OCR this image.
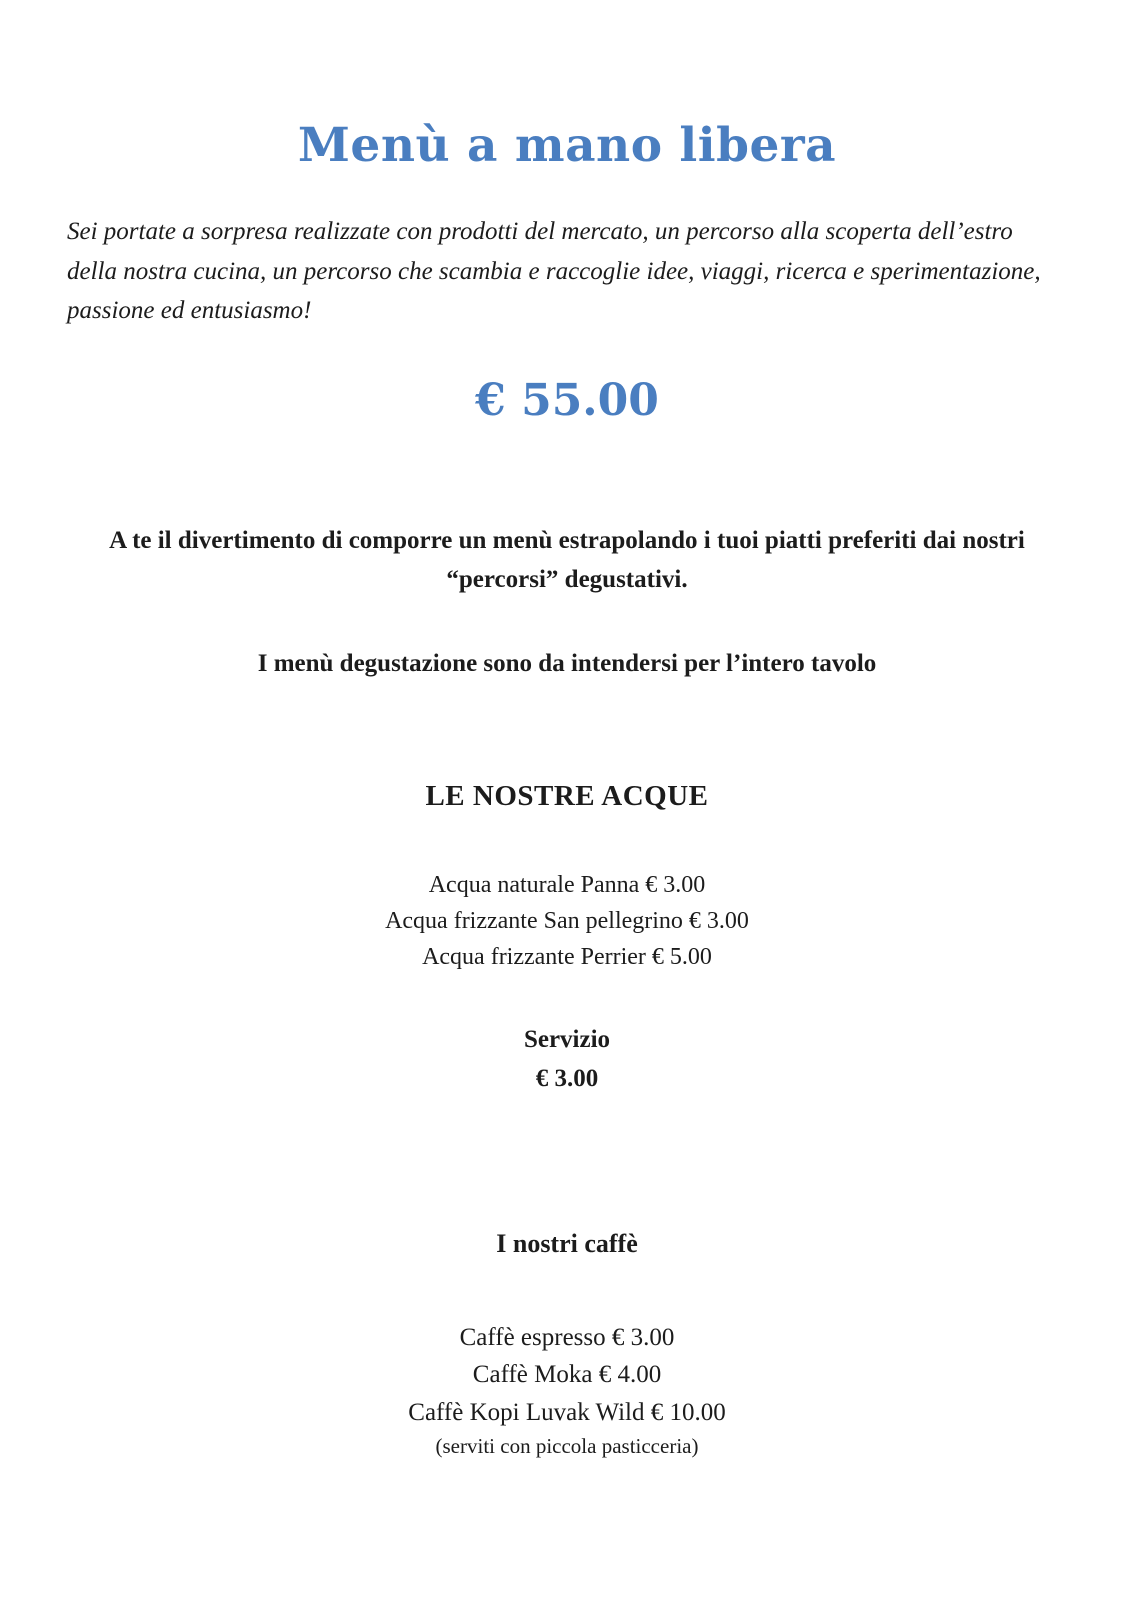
Menù a mano libera

Sei portate a sorpresa realizzate con prodotti del mercato, un percorso alla scoperta dell’estro della nostra cucina, un percorso che scambia e raccoglie idee, viaggi, ricerca e sperimentazione, passione ed entusiasmo!

€ 55.00

A te il divertimento di comporre un menù estrapolando i tuoi piatti preferiti dai nostri “percorsi” degustativi.

I menù degustazione sono da intendersi per l’intero tavolo

LE NOSTRE ACQUE
Acqua naturale Panna € 3.00
Acqua frizzante San pellegrino € 3.00
Acqua frizzante Perrier € 5.00
Servizio
€ 3.00
I nostri caffè
Caffè espresso € 3.00
Caffè Moka € 4.00
Caffè Kopi Luvak Wild € 10.00
(serviti con piccola pasticceria)
